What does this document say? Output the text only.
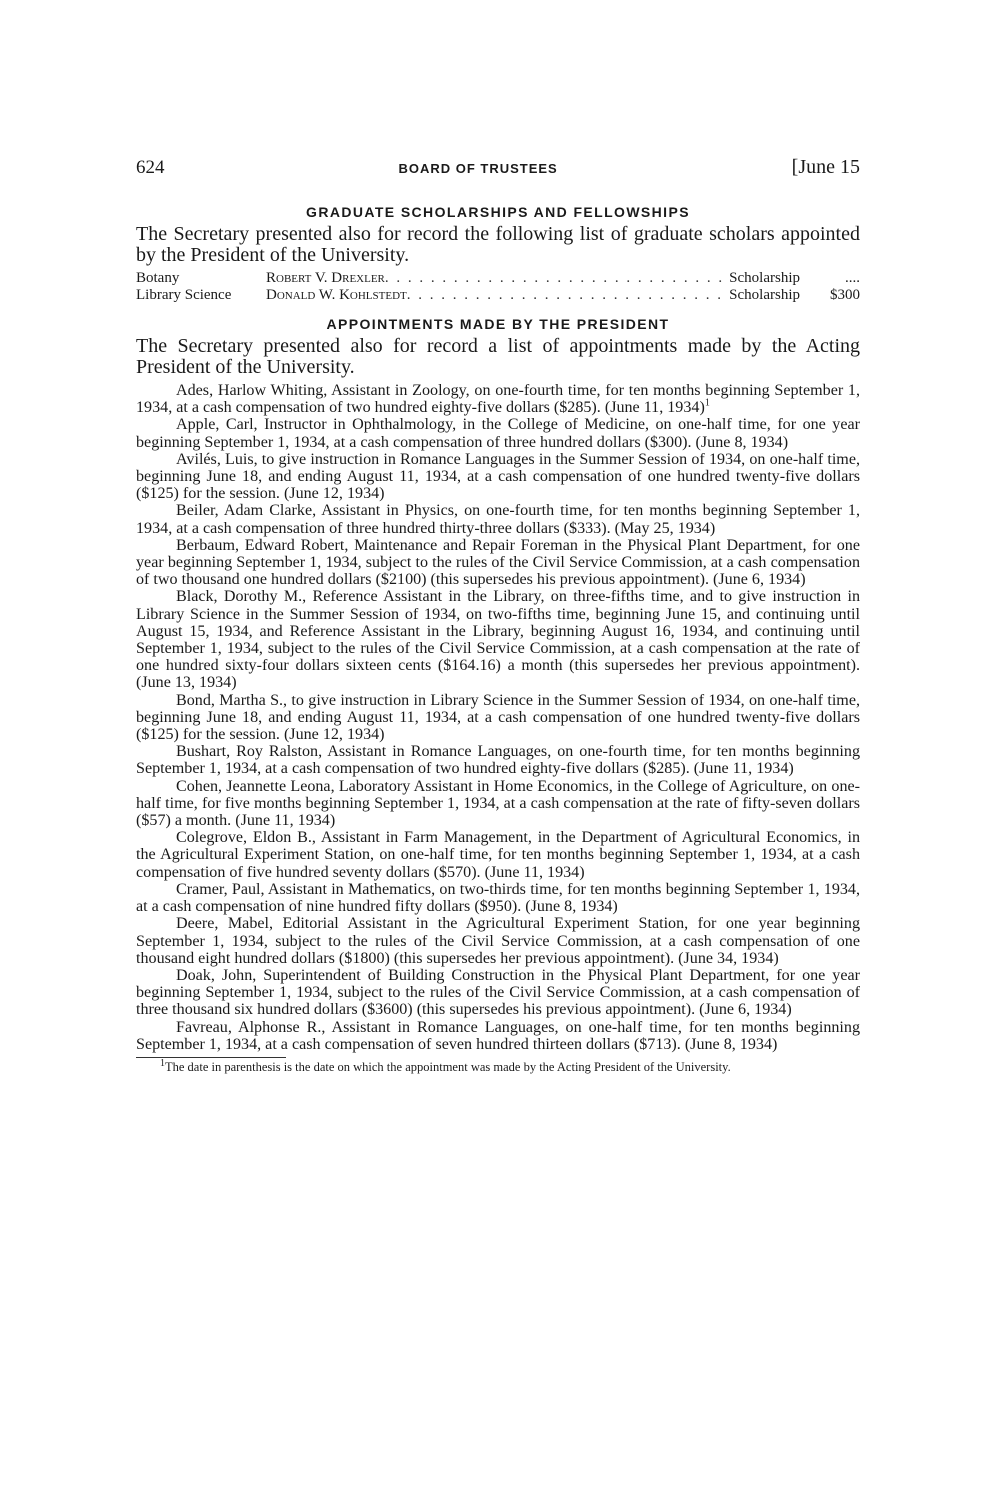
624	BOARD OF TRUSTEES	[June 15
GRADUATE SCHOLARSHIPS AND FELLOWSHIPS

The Secretary presented also for record the following list of graduate scholars appointed by the President of the University.

Botany	Robert V. Drexler . . .	Scholarship	....
Library Science	Donald W. Kohlstedt . . .	Scholarship	$300
APPOINTMENTS MADE BY THE PRESIDENT

The Secretary presented also for record a list of appointments made by the Acting President of the University.

Ades, Harlow Whiting, Assistant in Zoology, on one-fourth time, for ten months beginning September 1, 1934, at a cash compensation of two hundred eighty-five dollars ($285). (June 11, 1934)$^1$

Apple, Carl, Instructor in Ophthalmology, in the College of Medicine, on one-half time, for one year beginning September 1, 1934, at a cash compensation of three hundred dollars ($300). (June 8, 1934)

Avilés, Luis, to give instruction in Romance Languages in the Summer Session of 1934, on one-half time, beginning June 18, and ending August 11, 1934, at a cash compensation of one hundred twenty-five dollars ($125) for the session. (June 12, 1934)

Beiler, Adam Clarke, Assistant in Physics, on one-fourth time, for ten months beginning September 1, 1934, at a cash compensation of three hundred thirty-three dollars ($333). (May 25, 1934)

Berbaum, Edward Robert, Maintenance and Repair Foreman in the Physical Plant Department, for one year beginning September 1, 1934, subject to the rules of the Civil Service Commission, at a cash compensation of two thousand one hundred dollars ($2100) (this supersedes his previous appointment). (June 6, 1934)

Black, Dorothy M., Reference Assistant in the Library, on three-fifths time, and to give instruction in Library Science in the Summer Session of 1934, on two-fifths time, beginning June 15, and continuing until August 15, 1934, and Reference Assistant in the Library, beginning August 16, 1934, and continuing until September 1, 1934, subject to the rules of the Civil Service Commission, at a cash compensation at the rate of one hundred sixty-four dollars sixteen cents ($164.16) a month (this supersedes her previous appointment). (June 13, 1934)

Bond, Martha S., to give instruction in Library Science in the Summer Session of 1934, on one-half time, beginning June 18, and ending August 11, 1934, at a cash compensation of one hundred twenty-five dollars ($125) for the session. (June 12, 1934)

Bushart, Roy Ralston, Assistant in Romance Languages, on one-fourth time, for ten months beginning September 1, 1934, at a cash compensation of two hundred eighty-five dollars ($285). (June 11, 1934)

Cohen, Jeannette Leona, Laboratory Assistant in Home Economics, in the College of Agriculture, on one-half time, for five months beginning September 1, 1934, at a cash compensation at the rate of fifty-seven dollars ($57) a month. (June 11, 1934)

Colegrove, Eldon B., Assistant in Farm Management, in the Department of Agricultural Economics, in the Agricultural Experiment Station, on one-half time, for ten months beginning September 1, 1934, at a cash compensation of five hundred seventy dollars ($570). (June 11, 1934)

Cramer, Paul, Assistant in Mathematics, on two-thirds time, for ten months beginning September 1, 1934, at a cash compensation of nine hundred fifty dollars ($950). (June 8, 1934)

Deere, Mabel, Editorial Assistant in the Agricultural Experiment Station, for one year beginning September 1, 1934, subject to the rules of the Civil Service Commission, at a cash compensation of one thousand eight hundred dollars ($1800) (this supersedes her previous appointment). (June 34, 1934)

Doak, John, Superintendent of Building Construction in the Physical Plant Department, for one year beginning September 1, 1934, subject to the rules of the Civil Service Commission, at a cash compensation of three thousand six hundred dollars ($3600) (this supersedes his previous appointment). (June 6, 1934)

Favreau, Alphonse R., Assistant in Romance Languages, on one-half time, for ten months beginning September 1, 1934, at a cash compensation of seven hundred thirteen dollars ($713). (June 8, 1934)

$^1$The date in parenthesis is the date on which the appointment was made by the Acting President of the University.
